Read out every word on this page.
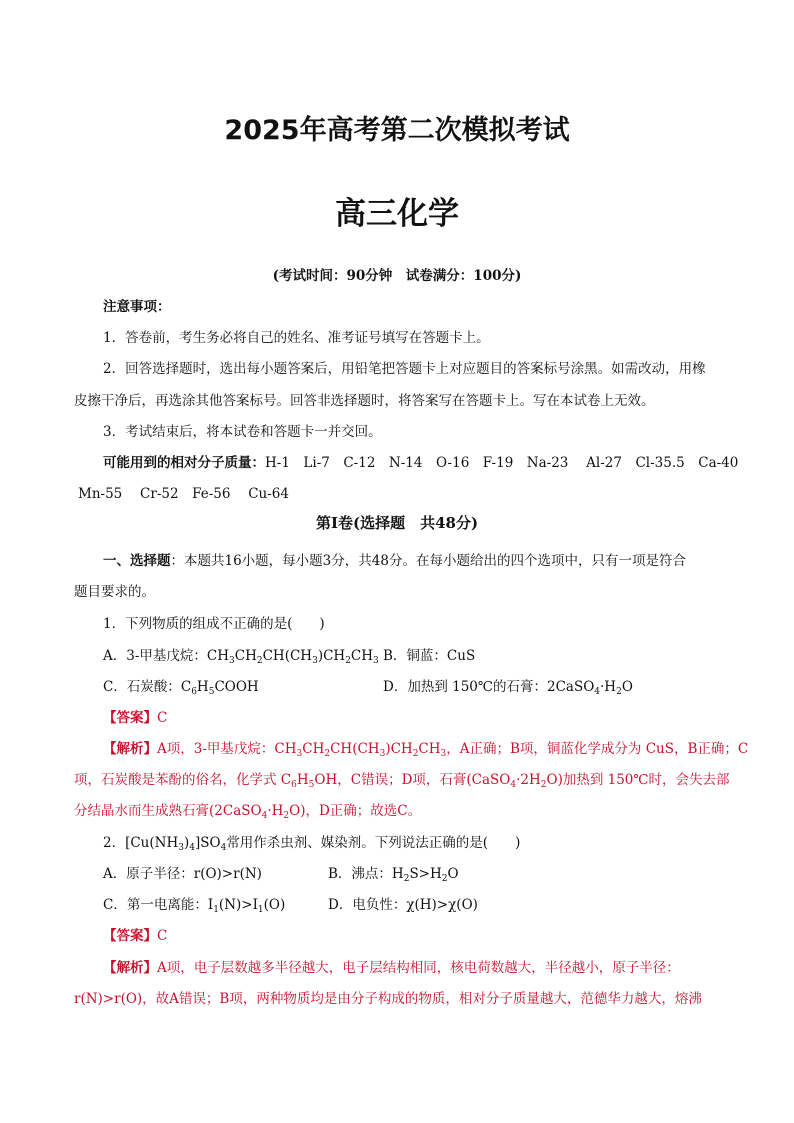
2025年高考第二次模拟考试
高三化学
(考试时间：90分钟　试卷满分：100分)
注意事项：
1．答卷前，考生务必将自己的姓名、准考证号填写在答题卡上。
2．回答选择题时，选出每小题答案后，用铅笔把答题卡上对应题目的答案标号涂黑。如需改动，用橡
皮擦干净后，再选涂其他答案标号。回答非选择题时，将答案写在答题卡上。写在本试卷上无效。
3．考试结束后，将本试卷和答题卡一并交回。
可能用到的相对分子质量：H-1　Li-7　C-12　N-14　O-16　F-19　Na-23　 Al-27　Cl-35.5　Ca-40
Mn-55　 Cr-52　Fe-56　 Cu-64
第Ⅰ卷(选择题　共48分)
一、选择题：本题共16小题，每小题3分，共48分。在每小题给出的四个选项中，只有一项是符合
题目要求的。
1．下列物质的组成不正确的是(　　)
A．3-甲基戊烷：$CH_3CH_2CH(CH_3)CH_2CH_3$ B．铜蓝：CuS
C．石炭酸：$C_6H_5COOH$	D．加热到 150℃的石膏：$2CaSO_4\cdot H_2O$
【答案】C
【解析】A项，3-甲基戊烷：$CH_3CH_2CH(CH_3)CH_2CH_3$，A正确；B项，铜蓝化学成分为 CuS，B正确；C
项，石炭酸是苯酚的俗名，化学式 $C_6H_5OH$，C错误；D项，石膏$(CaSO_4\cdot 2H_2O)$加热到 150℃时，会失去部
分结晶水而生成熟石膏$(2CaSO_4\cdot H_2O)$，D正确；故选C。
2．$[Cu(NH_3)_4]SO_4$常用作杀虫剂、媒染剂。下列说法正确的是(　　)
A．原子半径：r(O)>r(N)	B．沸点：$H_2S>H_2O$
C．第一电离能：$I_1(N)>I_1(O)$	D．电负性：χ(H)>χ(O)
【答案】C
【解析】A项，电子层数越多半径越大，电子层结构相同，核电荷数越大，半径越小，原子半径：
r(N)>r(O)，故A错误；B项，两种物质均是由分子构成的物质，相对分子质量越大，范德华力越大，熔沸
